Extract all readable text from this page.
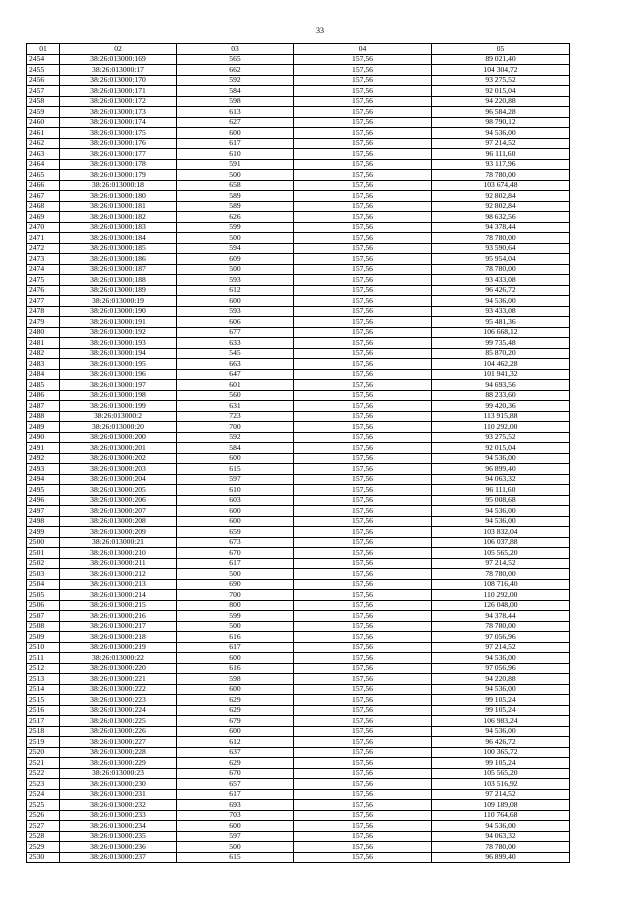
33
01	02	03	04	05
2454	38:26:013000:169	565	157,56	89 021,40
2455	38:26:013000:17	662	157,56	104 304,72
2456	38:26:013000:170	592	157,56	93 275,52
2457	38:26:013000:171	584	157,56	92 015,04
2458	38:26:013000:172	598	157,56	94 220,88
2459	38:26:013000:173	613	157,56	96 584,28
2460	38:26:013000:174	627	157,56	98 790,12
2461	38:26:013000:175	600	157,56	94 536,00
2462	38:26:013000:176	617	157,56	97 214,52
2463	38:26:013000:177	610	157,56	96 111,60
2464	38:26:013000:178	591	157,56	93 117,96
2465	38:26:013000:179	500	157,56	78 780,00
2466	38:26:013000:18	658	157,56	103 674,48
2467	38:26:013000:180	589	157,56	92 802,84
2468	38:26:013000:181	589	157,56	92 802,84
2469	38:26:013000:182	626	157,56	98 632,56
2470	38:26:013000:183	599	157,56	94 378,44
2471	38:26:013000:184	500	157,56	78 780,00
2472	38:26:013000:185	594	157,56	93 590,64
2473	38:26:013000:186	609	157,56	95 954,04
2474	38:26:013000:187	500	157,56	78 780,00
2475	38:26:013000:188	593	157,56	93 433,08
2476	38:26:013000:189	612	157,56	96 426,72
2477	38:26:013000:19	600	157,56	94 536,00
2478	38:26:013000:190	593	157,56	93 433,08
2479	38:26:013000:191	606	157,56	95 481,36
2480	38:26:013000:192	677	157,56	106 668,12
2481	38:26:013000:193	633	157,56	99 735,48
2482	38:26:013000:194	545	157,56	85 870,20
2483	38:26:013000:195	663	157,56	104 462,28
2484	38:26:013000:196	647	157,56	101 941,32
2485	38:26:013000:197	601	157,56	94 693,56
2486	38:26:013000:198	560	157,56	88 233,60
2487	38:26:013000:199	631	157,56	99 420,36
2488	38:26:013000:2	723	157,56	113 915,88
2489	38:26:013000:20	700	157,56	110 292,00
2490	38:26:013000:200	592	157,56	93 275,52
2491	38:26:013000:201	584	157,56	92 015,04
2492	38:26:013000:202	600	157,56	94 536,00
2493	38:26:013000:203	615	157,56	96 899,40
2494	38:26:013000:204	597	157,56	94 063,32
2495	38:26:013000:205	610	157,56	96 111,60
2496	38:26:013000:206	603	157,56	95 008,68
2497	38:26:013000:207	600	157,56	94 536,00
2498	38:26:013000:208	600	157,56	94 536,00
2499	38:26:013000:209	659	157,56	103 832,04
2500	38:26:013000:21	673	157,56	106 037,88
2501	38:26:013000:210	670	157,56	105 565,20
2502	38:26:013000:211	617	157,56	97 214,52
2503	38:26:013000:212	500	157,56	78 780,00
2504	38:26:013000:213	690	157,56	108 716,40
2505	38:26:013000:214	700	157,56	110 292,00
2506	38:26:013000:215	800	157,56	126 048,00
2507	38:26:013000:216	599	157,56	94 378,44
2508	38:26:013000:217	500	157,56	78 780,00
2509	38:26:013000:218	616	157,56	97 056,96
2510	38:26:013000:219	617	157,56	97 214,52
2511	38:26:013000:22	600	157,56	94 536,00
2512	38:26:013000:220	616	157,56	97 056,96
2513	38:26:013000:221	598	157,56	94 220,88
2514	38:26:013000:222	600	157,56	94 536,00
2515	38:26:013000:223	629	157,56	99 105,24
2516	38:26:013000:224	629	157,56	99 105,24
2517	38:26:013000:225	679	157,56	106 983,24
2518	38:26:013000:226	600	157,56	94 536,00
2519	38:26:013000:227	612	157,56	96 426,72
2520	38:26:013000:228	637	157,56	100 365,72
2521	38:26:013000:229	629	157,56	99 105,24
2522	38:26:013000:23	670	157,56	105 565,20
2523	38:26:013000:230	657	157,56	103 516,92
2524	38:26:013000:231	617	157,56	97 214,52
2525	38:26:013000:232	693	157,56	109 189,08
2526	38:26:013000:233	703	157,56	110 764,68
2527	38:26:013000:234	600	157,56	94 536,00
2528	38:26:013000:235	597	157,56	94 063,32
2529	38:26:013000:236	500	157,56	78 780,00
2530	38:26:013000:237	615	157,56	96 899,40
